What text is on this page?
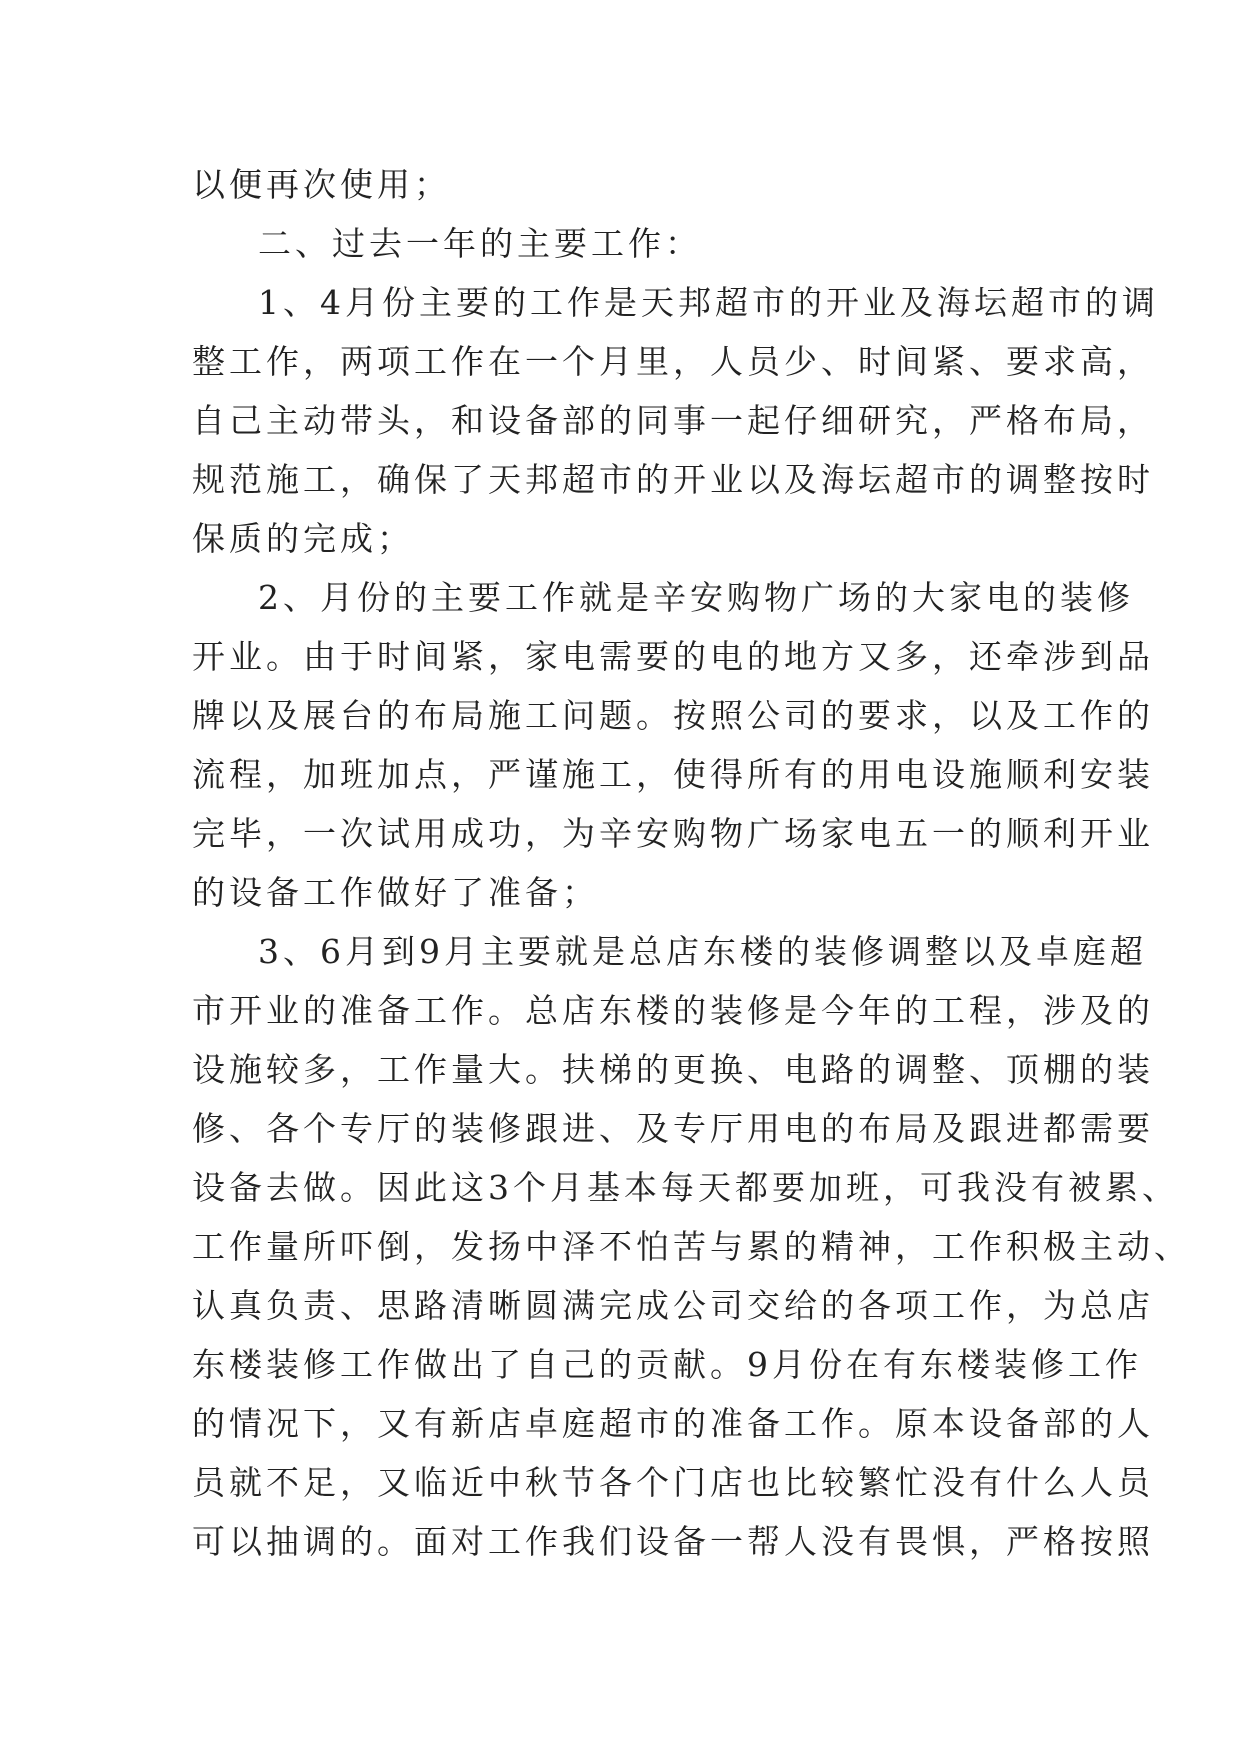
以便再次使用；
二、过去一年的主要工作：
1、4月份主要的工作是天邦超市的开业及海坛超市的调
整工作，两项工作在一个月里，人员少、时间紧、要求高，
自己主动带头，和设备部的同事一起仔细研究，严格布局，
规范施工，确保了天邦超市的开业以及海坛超市的调整按时
保质的完成；
2、月份的主要工作就是辛安购物广场的大家电的装修
开业。由于时间紧，家电需要的电的地方又多，还牵涉到品
牌以及展台的布局施工问题。按照公司的要求，以及工作的
流程，加班加点，严谨施工，使得所有的用电设施顺利安装
完毕，一次试用成功，为辛安购物广场家电五一的顺利开业
的设备工作做好了准备；
3、6月到9月主要就是总店东楼的装修调整以及卓庭超
市开业的准备工作。总店东楼的装修是今年的工程，涉及的
设施较多，工作量大。扶梯的更换、电路的调整、顶棚的装
修、各个专厅的装修跟进、及专厅用电的布局及跟进都需要
设备去做。因此这3个月基本每天都要加班，可我没有被累、
工作量所吓倒，发扬中泽不怕苦与累的精神，工作积极主动、
认真负责、思路清晰圆满完成公司交给的各项工作，为总店
东楼装修工作做出了自己的贡献。9月份在有东楼装修工作
的情况下，又有新店卓庭超市的准备工作。原本设备部的人
员就不足，又临近中秋节各个门店也比较繁忙没有什么人员
可以抽调的。面对工作我们设备一帮人没有畏惧，严格按照
